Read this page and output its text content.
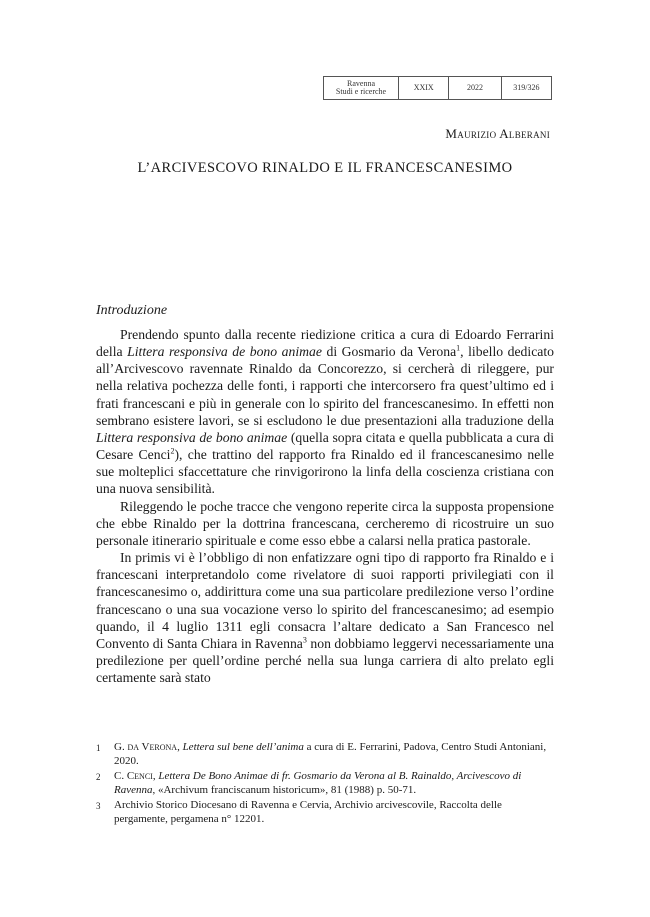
Ravenna
Studi e ricerche	XXIX	2022	319/326
Maurizio Alberani
L’ARCIVESCOVO RINALDO E IL FRANCESCANESIMO
Introduzione

Prendendo spunto dalla recente riedizione critica a cura di Edoardo Ferrarini della Littera responsiva de bono animae di Gosmario da Verona$^1$, libello dedicato all’Arcivescovo ravennate Rinaldo da Concorezzo, si cercherà di rileggere, pur nella relativa pochezza delle fonti, i rapporti che intercorsero fra quest’ultimo ed i frati francescani e più in generale con lo spirito del francescanesimo. In effetti non sembrano esistere lavori, se si escludono le due presentazioni alla traduzione della Littera responsiva de bono animae (quella sopra citata e quella pubblicata a cura di Cesare Cenci$^2$), che trattino del rapporto fra Rinaldo ed il francescanesimo nelle sue molteplici sfaccettature che rinvigorirono la linfa della coscienza cristiana con una nuova sensibilità.

Rileggendo le poche tracce che vengono reperite circa la supposta propensione che ebbe Rinaldo per la dottrina francescana, cercheremo di ricostruire un suo personale itinerario spirituale e come esso ebbe a calarsi nella pratica pastorale.

In primis vi è l’obbligo di non enfatizzare ogni tipo di rapporto fra Rinaldo e i francescani interpretandolo come rivelatore di suoi rapporti privilegiati con il francescanesimo o, addirittura come una sua particolare predilezione verso l’ordine francescano o una sua vocazione verso lo spirito del francescanesimo; ad esempio quando, il 4 luglio 1311 egli consacra l’altare dedicato a San Francesco nel Convento di Santa Chiara in Ravenna$^3$ non dobbiamo leggervi necessariamente una predilezione per quell’ordine perché nella sua lunga carriera di alto prelato egli certamente sarà stato

1	G. da Verona, Lettera sul bene dell’anima a cura di E. Ferrarini, Padova, Centro Studi Antoniani, 2020.
2	C. Cenci, Lettera De Bono Animae di fr. Gosmario da Verona al B. Rainaldo, Arcivescovo di Ravenna, «Archivum franciscanum historicum», 81 (1988) p. 50-71.
3	Archivio Storico Diocesano di Ravenna e Cervia, Archivio arcivescovile, Raccolta delle pergamente, pergamena n° 12201.
